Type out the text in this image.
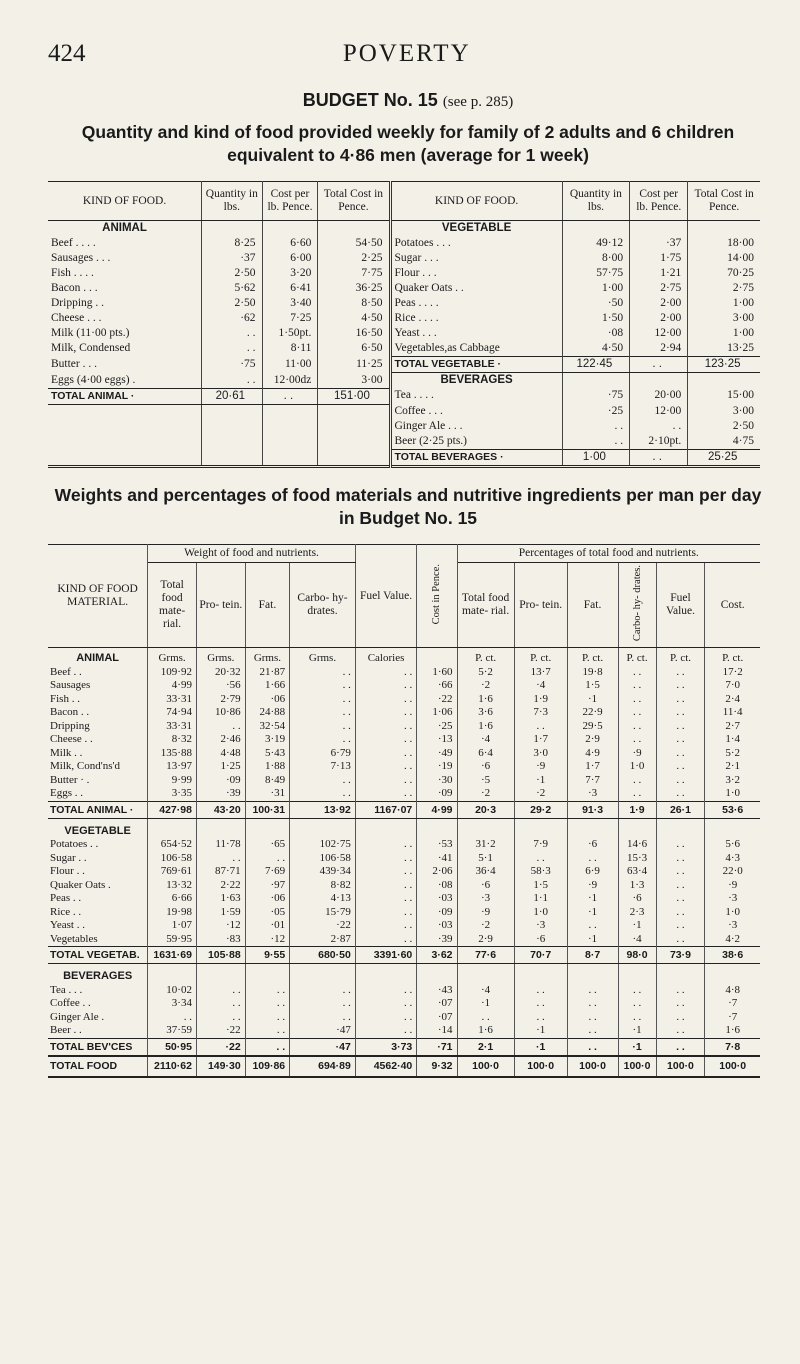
424	POVERTY
BUDGET No. 15 (see p. 285)
Quantity and kind of food provided weekly for family of 2 adults and 6 children equivalent to 4·86 men (average for 1 week)
KIND OF FOOD.	Quantity in lbs.	Cost per lb. Pence.	Total Cost in Pence.	KIND OF FOOD.	Quantity in lbs.	Cost per lb. Pence.	Total Cost in Pence.
ANIMAL				VEGETABLE			
Beef . . . .	8·25	6·60	54·50	Potatoes . . .	49·12	·37	18·00
Sausages . . .	·37	6·00	2·25	Sugar . . .	8·00	1·75	14·00
Fish . . . .	2·50	3·20	7·75	Flour . . .	57·75	1·21	70·25
Bacon . . .	5·62	6·41	36·25	Quaker Oats . .	1·00	2·75	2·75
Dripping . .	2·50	3·40	8·50	Peas . . . .	·50	2·00	1·00
Cheese . . .	·62	7·25	4·50	Rice . . . .	1·50	2·00	3·00
Milk (11·00 pts.)	. .	1·50pt.	16·50	Yeast . . .	·08	12·00	1·00
Milk, Condensed	. .	8·11	6·50	Vegetables,as Cabbage	4·50	2·94	13·25
Butter . . .	·75	11·00	11·25	TOTAL VEGETABLE ·	122·45	. .	123·25
Eggs (4·00 eggs) .	. .	12·00dz	3·00	BEVERAGES			
TOTAL ANIMAL ·	20·61	. .	151·00	Tea . . . .	·75	20·00	15·00
				Coffee . . .	·25	12·00	3·00
				Ginger Ale . . .	. .	. .	2·50
				Beer (2·25 pts.)	. .	2·10pt.	4·75
				TOTAL BEVERAGES ·	1·00	. .	25·25
Weights and percentages of food materials and nutritive ingredients per man per day in Budget No. 15
KIND OF FOOD MATERIAL.	Weight of food and nutrients.				Fuel Value.	Cost in Pence.	Percentages of total food and nutrients.					
	Total food mate- rial.	Pro- tein.	Fat.	Carbo- hy- drates.			Total food mate- rial.	Pro- tein.	Fat.	Carbo- hy- drates.	Fuel Value.	Cost.
ANIMAL	Grms.	Grms.	Grms.	Grms.	Calories		P. ct.	P. ct.	P. ct.	P. ct.	P. ct.	P. ct.
Beef . .	109·92	20·32	21·87	. .	. .	1·60	5·2	13·7	19·8	. .	. .	17·2
Sausages	4·99	·56	1·66	. .	. .	·66	·2	·4	1·5	. .	. .	7·0
Fish . .	33·31	2·79	·06	. .	. .	·22	1·6	1·9	·1	. .	. .	2·4
Bacon . .	74·94	10·86	24·88	. .	. .	1·06	3·6	7·3	22·9	. .	. .	11·4
Dripping	33·31	. .	32·54	. .	. .	·25	1·6	. .	29·5	. .	. .	2·7
Cheese . .	8·32	2·46	3·19	. .	. .	·13	·4	1·7	2·9	. .	. .	1·4
Milk . .	135·88	4·48	5·43	6·79	. .	·49	6·4	3·0	4·9	·9	. .	5·2
Milk, Cond'ns'd	13·97	1·25	1·88	7·13	. .	·19	·6	·9	1·7	1·0	. .	2·1
Butter · .	9·99	·09	8·49	. .	. .	·30	·5	·1	7·7	. .	. .	3·2
Eggs . .	3·35	·39	·31	. .	. .	·09	·2	·2	·3	. .	. .	1·0
TOTAL ANIMAL ·	427·98	43·20	100·31	13·92	1167·07	4·99	20·3	29·2	91·3	1·9	26·1	53·6
VEGETABLE												
Potatoes . .	654·52	11·78	·65	102·75	. .	·53	31·2	7·9	·6	14·6	. .	5·6
Sugar . .	106·58	. .	. .	106·58	. .	·41	5·1	. .	. .	15·3	. .	4·3
Flour . .	769·61	87·71	7·69	439·34	. .	2·06	36·4	58·3	6·9	63·4	. .	22·0
Quaker Oats .	13·32	2·22	·97	8·82	. .	·08	·6	1·5	·9	1·3	. .	·9
Peas . .	6·66	1·63	·06	4·13	. .	·03	·3	1·1	·1	·6	. .	·3
Rice . .	19·98	1·59	·05	15·79	. .	·09	·9	1·0	·1	2·3	. .	1·0
Yeast . .	1·07	·12	·01	·22	. .	·03	·2	·3	. .	·1	. .	·3
Vegetables	59·95	·83	·12	2·87	. .	·39	2·9	·6	·1	·4	. .	4·2
TOTAL VEGETAB.	1631·69	105·88	9·55	680·50	3391·60	3·62	77·6	70·7	8·7	98·0	73·9	38·6
BEVERAGES												
Tea . . .	10·02	. .	. .	. .	. .	·43	·4	. .	. .	. .	. .	4·8
Coffee . .	3·34	. .	. .	. .	. .	·07	·1	. .	. .	. .	. .	·7
Ginger Ale .	. .	. .	. .	. .	. .	·07	. .	. .	. .	. .	. .	·7
Beer . .	37·59	·22	. .	·47	. .	·14	1·6	·1	. .	·1	. .	1·6
TOTAL BEV'CES	50·95	·22	. .	·47	3·73	·71	2·1	·1	. .	·1	. .	7·8
TOTAL FOOD	2110·62	149·30	109·86	694·89	4562·40	9·32	100·0	100·0	100·0	100·0	100·0	100·0
